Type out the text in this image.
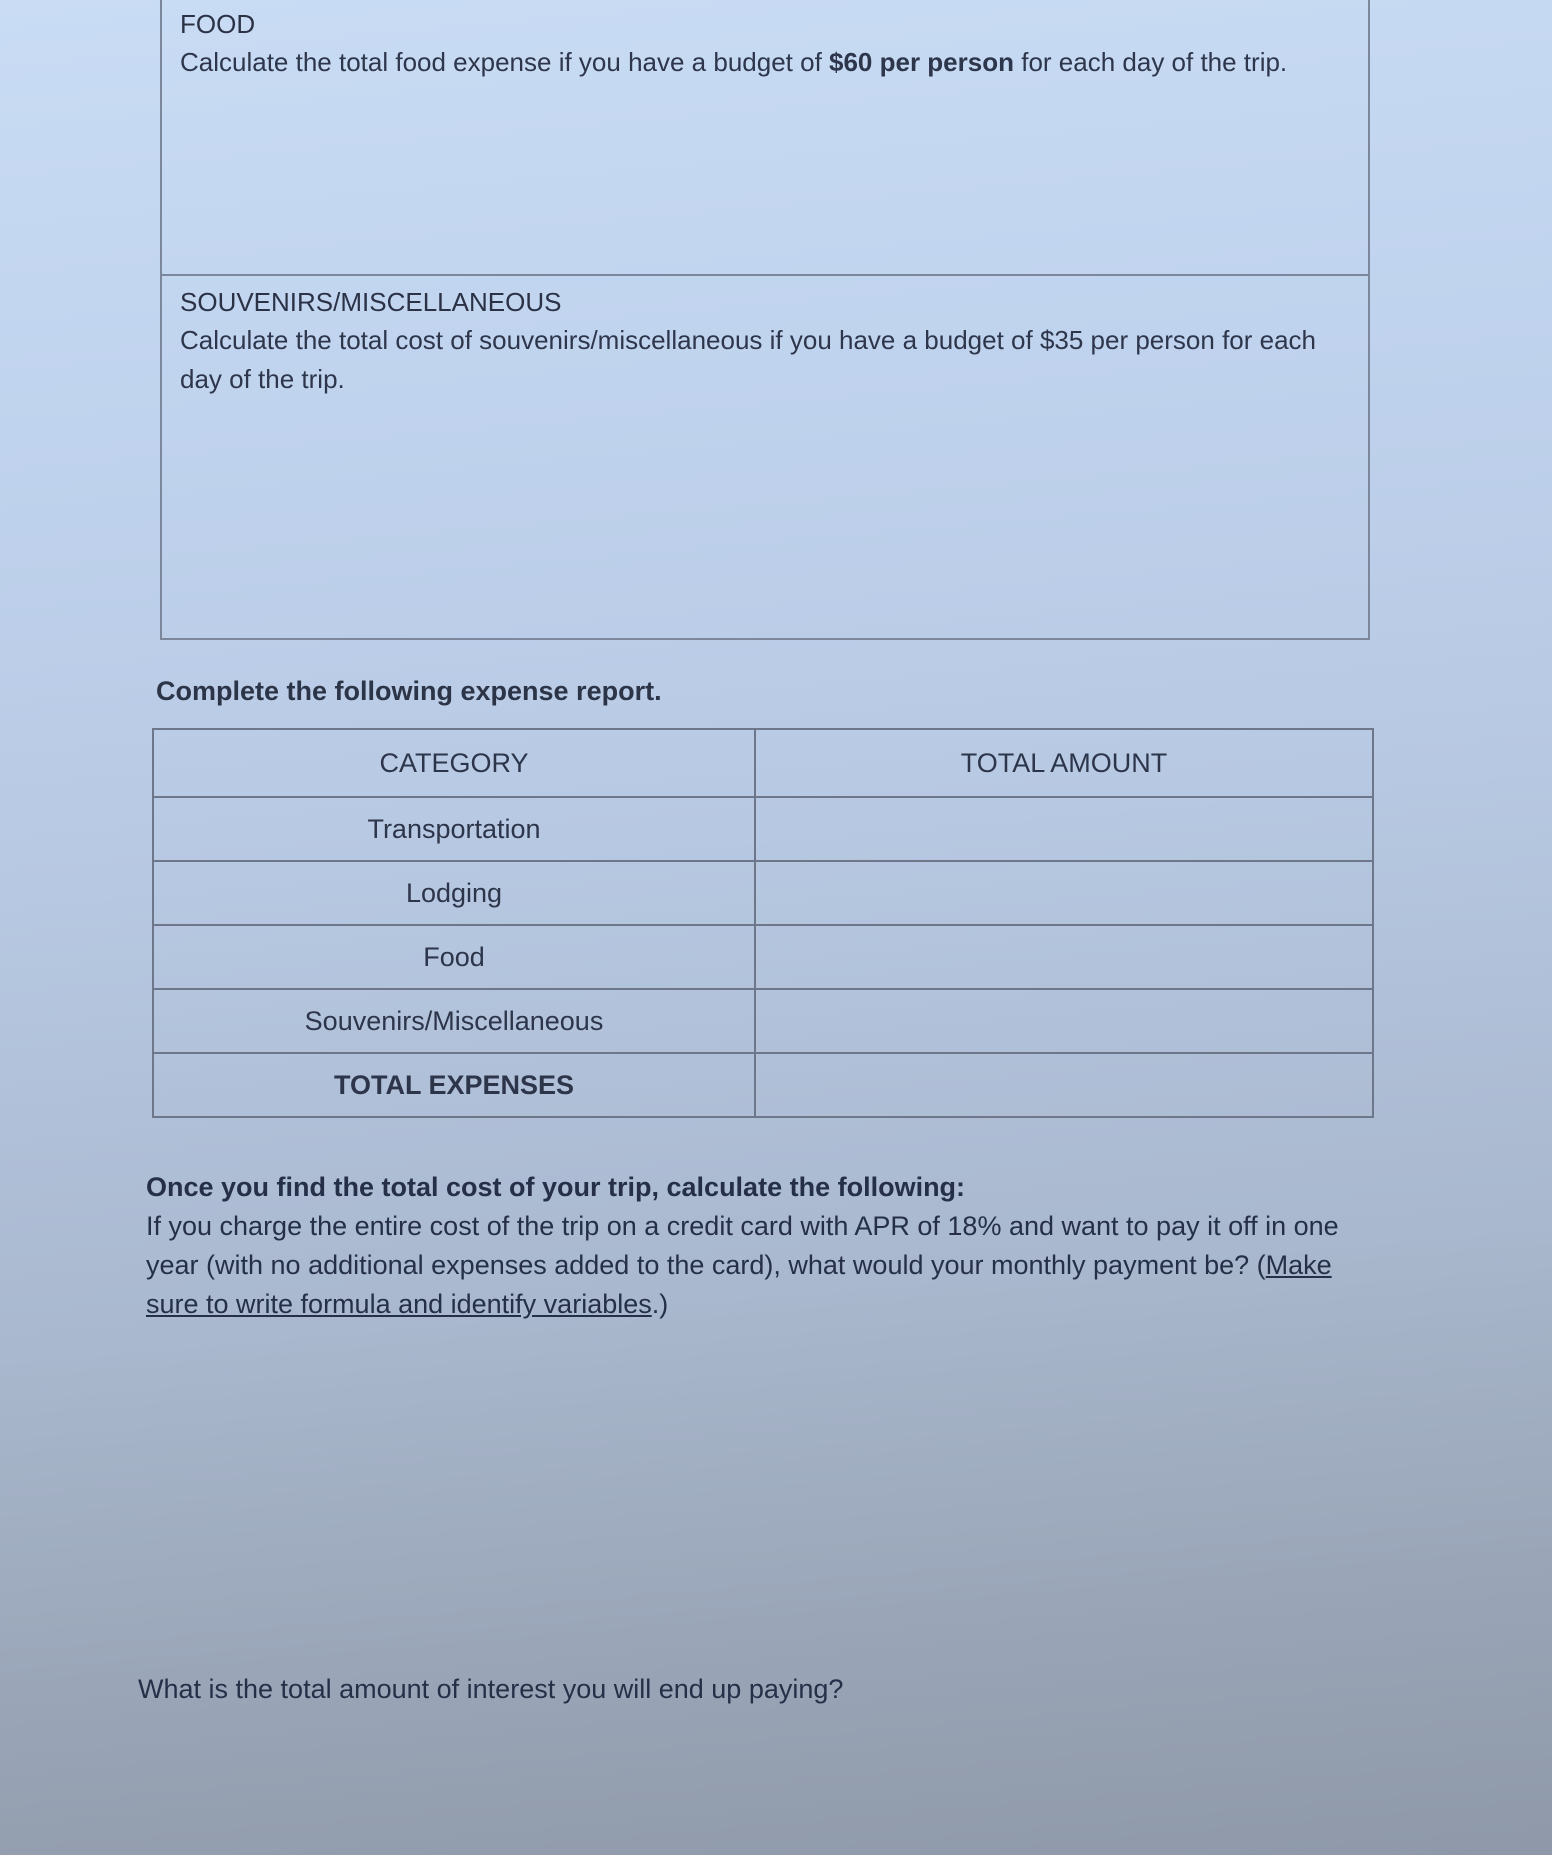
FOOD
Calculate the total food expense if you have a budget of $60 per person for each day of the trip.
SOUVENIRS/MISCELLANEOUS
Calculate the total cost of souvenirs/miscellaneous if you have a budget of $35 per person for each day of the trip.
Complete the following expense report.
CATEGORY	TOTAL AMOUNT
Transportation	
Lodging	
Food	
Souvenirs/Miscellaneous	
TOTAL EXPENSES	
Once you find the total cost of your trip, calculate the following:
If you charge the entire cost of the trip on a credit card with APR of 18% and want to pay it off in one year (with no additional expenses added to the card), what would your monthly payment be? (Make sure to write formula and identify variables.)
What is the total amount of interest you will end up paying?
